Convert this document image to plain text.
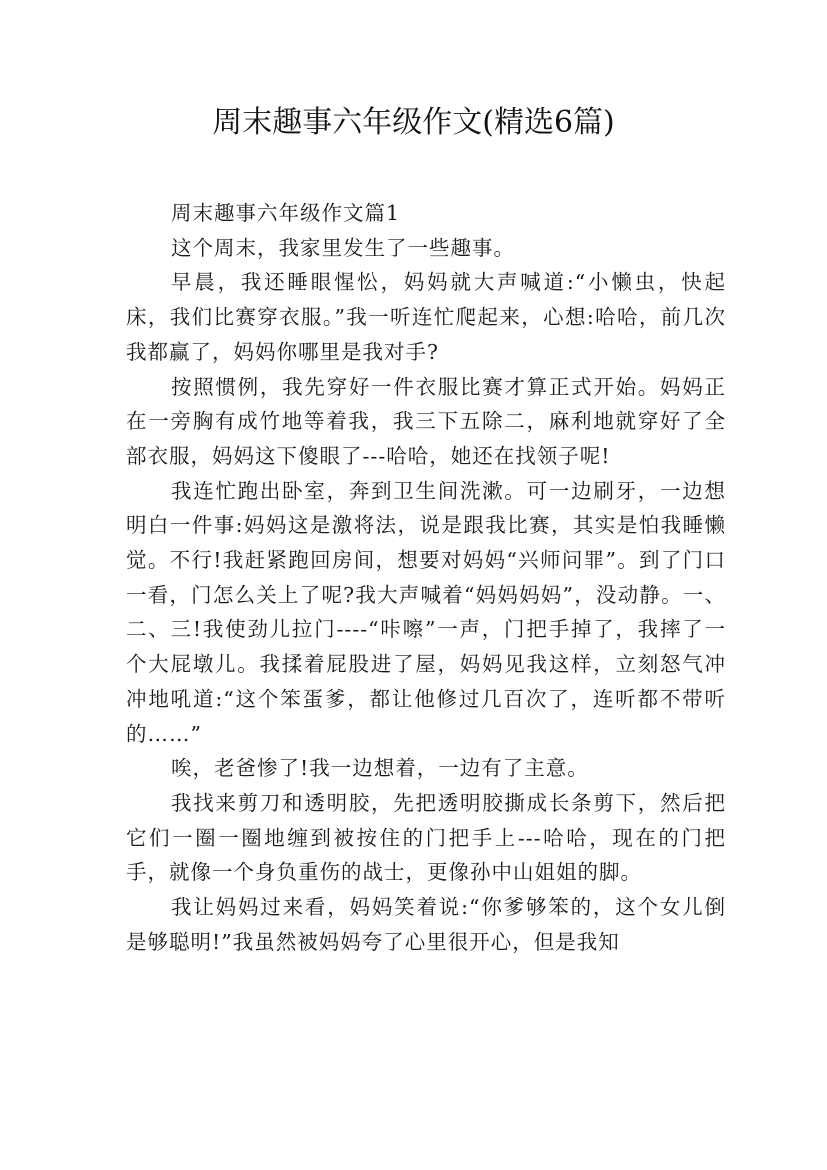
周末趣事六年级作文(精选6篇)

周末趣事六年级作文篇1

这个周末，我家里发生了一些趣事。

早晨，我还睡眼惺忪，妈妈就大声喊道:“小懒虫，快起床，我们比赛穿衣服。”我一听连忙爬起来，心想:哈哈，前几次我都赢了，妈妈你哪里是我对手?

按照惯例，我先穿好一件衣服比赛才算正式开始。妈妈正在一旁胸有成竹地等着我，我三下五除二，麻利地就穿好了全部衣服，妈妈这下傻眼了---哈哈，她还在找领子呢!

我连忙跑出卧室，奔到卫生间洗漱。可一边刷牙，一边想明白一件事:妈妈这是激将法，说是跟我比赛，其实是怕我睡懒觉。不行!我赶紧跑回房间，想要对妈妈“兴师问罪”。到了门口一看，门怎么关上了呢?我大声喊着“妈妈妈妈”，没动静。一、二、三!我使劲儿拉门----“咔嚓”一声，门把手掉了，我摔了一个大屁墩儿。我揉着屁股进了屋，妈妈见我这样，立刻怒气冲冲地吼道:“这个笨蛋爹，都让他修过几百次了，连听都不带听的……”

唉，老爸惨了!我一边想着，一边有了主意。

我找来剪刀和透明胶，先把透明胶撕成长条剪下，然后把它们一圈一圈地缠到被按住的门把手上---哈哈，现在的门把手，就像一个身负重伤的战士，更像孙中山姐姐的脚。

我让妈妈过来看，妈妈笑着说:“你爹够笨的，这个女儿倒是够聪明!”我虽然被妈妈夸了心里很开心，但是我知
